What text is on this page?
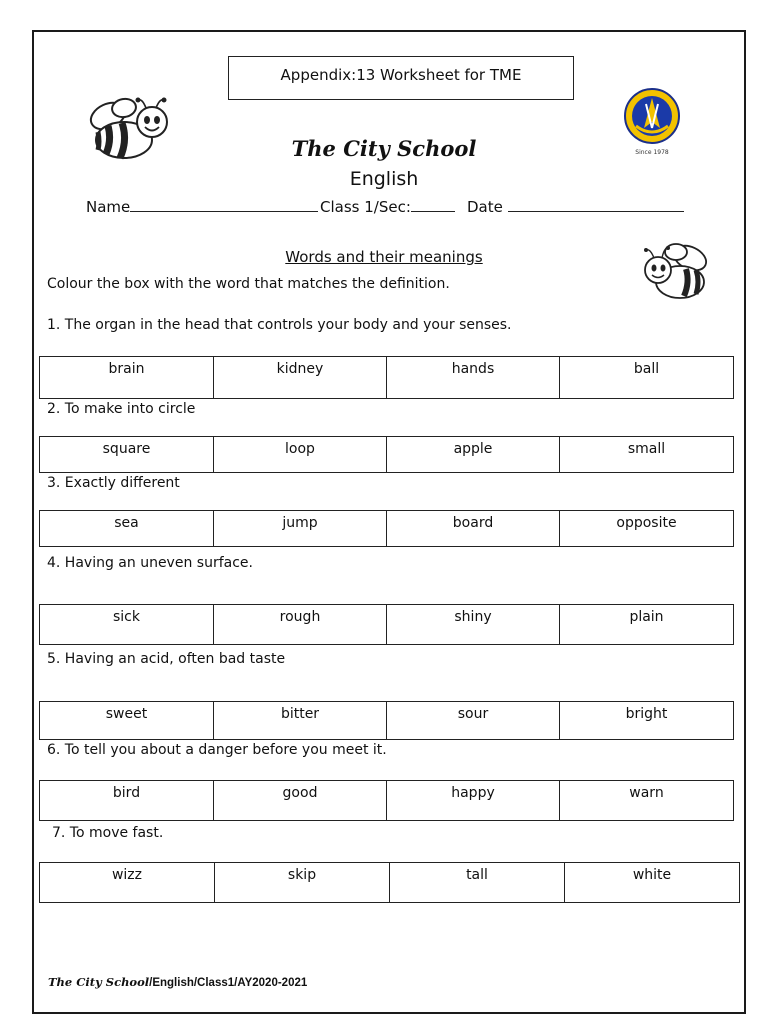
Appendix:13 Worksheet for TME
Since 1978
The City School
English
Name	Class 1/Sec:	Date
Words and their meanings
Colour the box with the word that matches the definition.
1. The organ in the head that controls your body and your senses.
brain	kidney	hands	ball
2. To make into circle
square	loop	apple	small
3. Exactly different
sea	jump	board	opposite
4. Having an uneven surface.
sick	rough	shiny	plain
5. Having an acid, often bad taste
sweet	bitter	sour	bright
6. To tell you about a danger before you meet it.
bird	good	happy	warn
7. To move fast.
wizz	skip	tall	white
The City School/English/Class1/AY2020-2021
